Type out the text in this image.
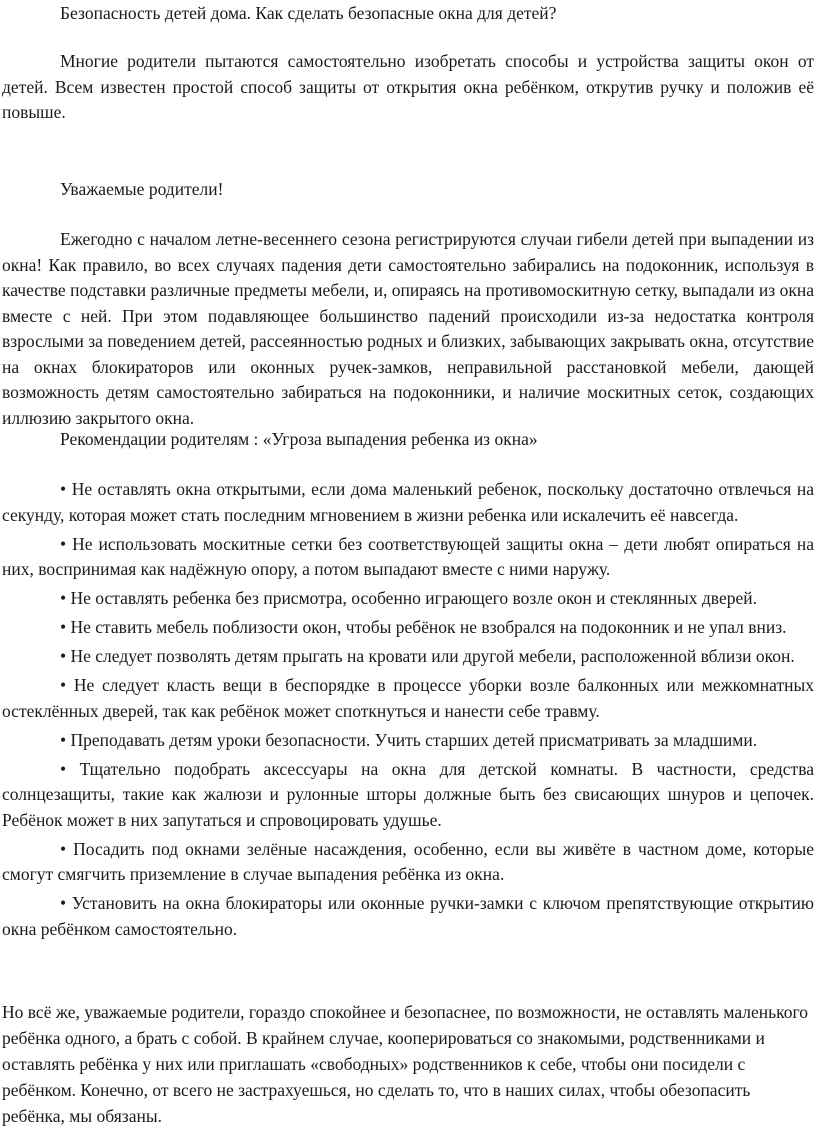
Безопасность детей дома. Как сделать безопасные окна для детей?

Многие родители пытаются самостоятельно изобретать способы и устройства защиты окон от детей. Всем известен простой способ защиты от открытия окна ребёнком, открутив ручку и положив её повыше.

Уважаемые родители!

Ежегодно с началом летне-весеннего сезона регистрируются случаи гибели детей при выпадении из окна! Как правило, во всех случаях падения дети самостоятельно забирались на подоконник, используя в качестве подставки различные предметы мебели, и, опираясь на противомоскитную сетку, выпадали из окна вместе с ней. При этом подавляющее большинство падений происходили из-за недостатка контроля взрослыми за поведением детей, рассеянностью родных и близких, забывающих закрывать окна, отсутствие на окнах блокираторов или оконных ручек-замков, неправильной расстановкой мебели, дающей возможность детям самостоятельно забираться на подоконники, и наличие москитных сеток, создающих иллюзию закрытого окна.

Рекомендации родителям : «Угроза выпадения ребенка из окна»

• Не оставлять окна открытыми, если дома маленький ребенок, поскольку достаточно отвлечься на секунду, которая может стать последним мгновением в жизни ребенка или искалечить её навсегда.

• Не использовать москитные сетки без соответствующей защиты окна – дети любят опираться на них, воспринимая как надёжную опору, а потом выпадают вместе с ними наружу.

• Не оставлять ребенка без присмотра, особенно играющего возле окон и стеклянных дверей.

• Не ставить мебель поблизости окон, чтобы ребёнок не взобрался на подоконник и не упал вниз.

• Не следует позволять детям прыгать на кровати или другой мебели, расположенной вблизи окон.

• Не следует класть вещи в беспорядке в процессе уборки возле балконных или межкомнатных остеклённых дверей, так как ребёнок может споткнуться и нанести себе травму.

• Преподавать детям уроки безопасности. Учить старших детей присматривать за младшими.

• Тщательно подобрать аксессуары на окна для детской комнаты. В частности, средства солнцезащиты, такие как жалюзи и рулонные шторы должные быть без свисающих шнуров и цепочек. Ребёнок может в них запутаться и спровоцировать удушье.

• Посадить под окнами зелёные насаждения, особенно, если вы живёте в частном доме, которые смогут смягчить приземление в случае выпадения ребёнка из окна.

• Установить на окна блокираторы или оконные ручки-замки с ключом препятствующие открытию окна ребёнком самостоятельно.

Но всё же, уважаемые родители, гораздо спокойнее и безопаснее, по возможности, не оставлять маленького ребёнка одного, а брать с собой. В крайнем случае, кооперироваться со знакомыми, родственниками и оставлять ребёнка у них или приглашать «свободных» родственников к себе, чтобы они посидели с ребёнком. Конечно, от всего не застрахуешься, но сделать то, что в наших силах, чтобы обезопасить ребёнка, мы обязаны.
